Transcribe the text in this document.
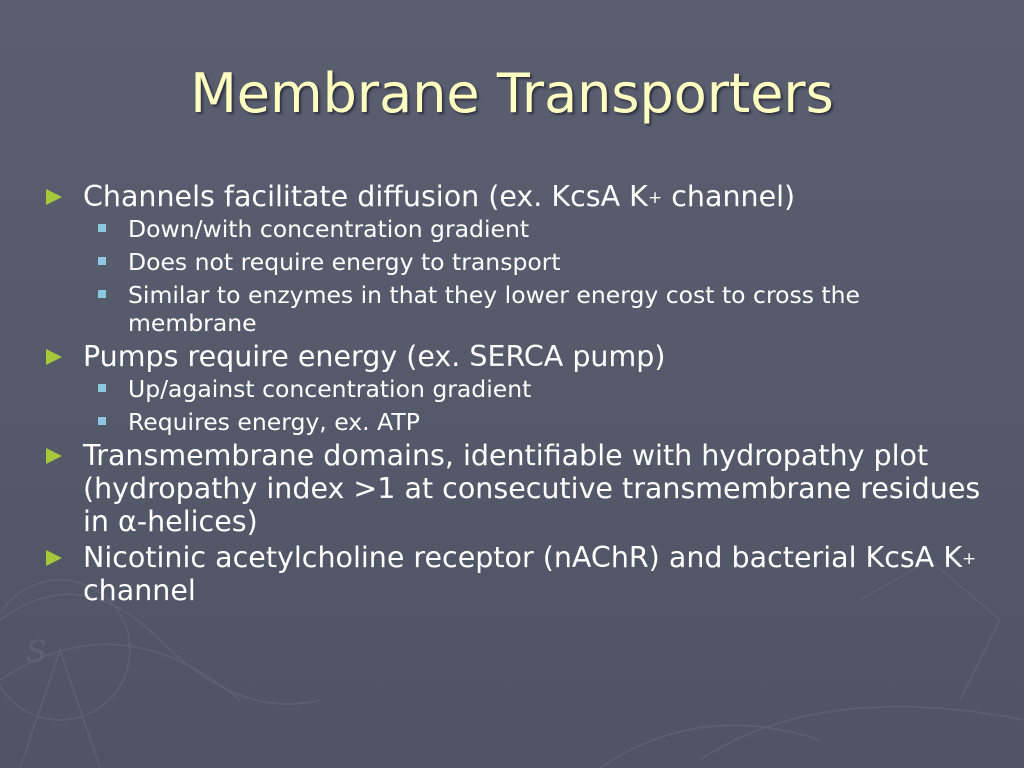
S
Membrane Transporters
Channels facilitate diffusion (ex. KcsA K+ channel)
Down/with concentration gradient
Does not require energy to transport
Similar to enzymes in that they lower energy cost to cross the membrane
Pumps require energy (ex. SERCA pump)
Up/against concentration gradient
Requires energy, ex. ATP
Transmembrane domains, identifiable with hydropathy plot (hydropathy index >1 at consecutive transmembrane residues in α-helices)
Nicotinic acetylcholine receptor (nAChR) and bacterial KcsA K+ channel
